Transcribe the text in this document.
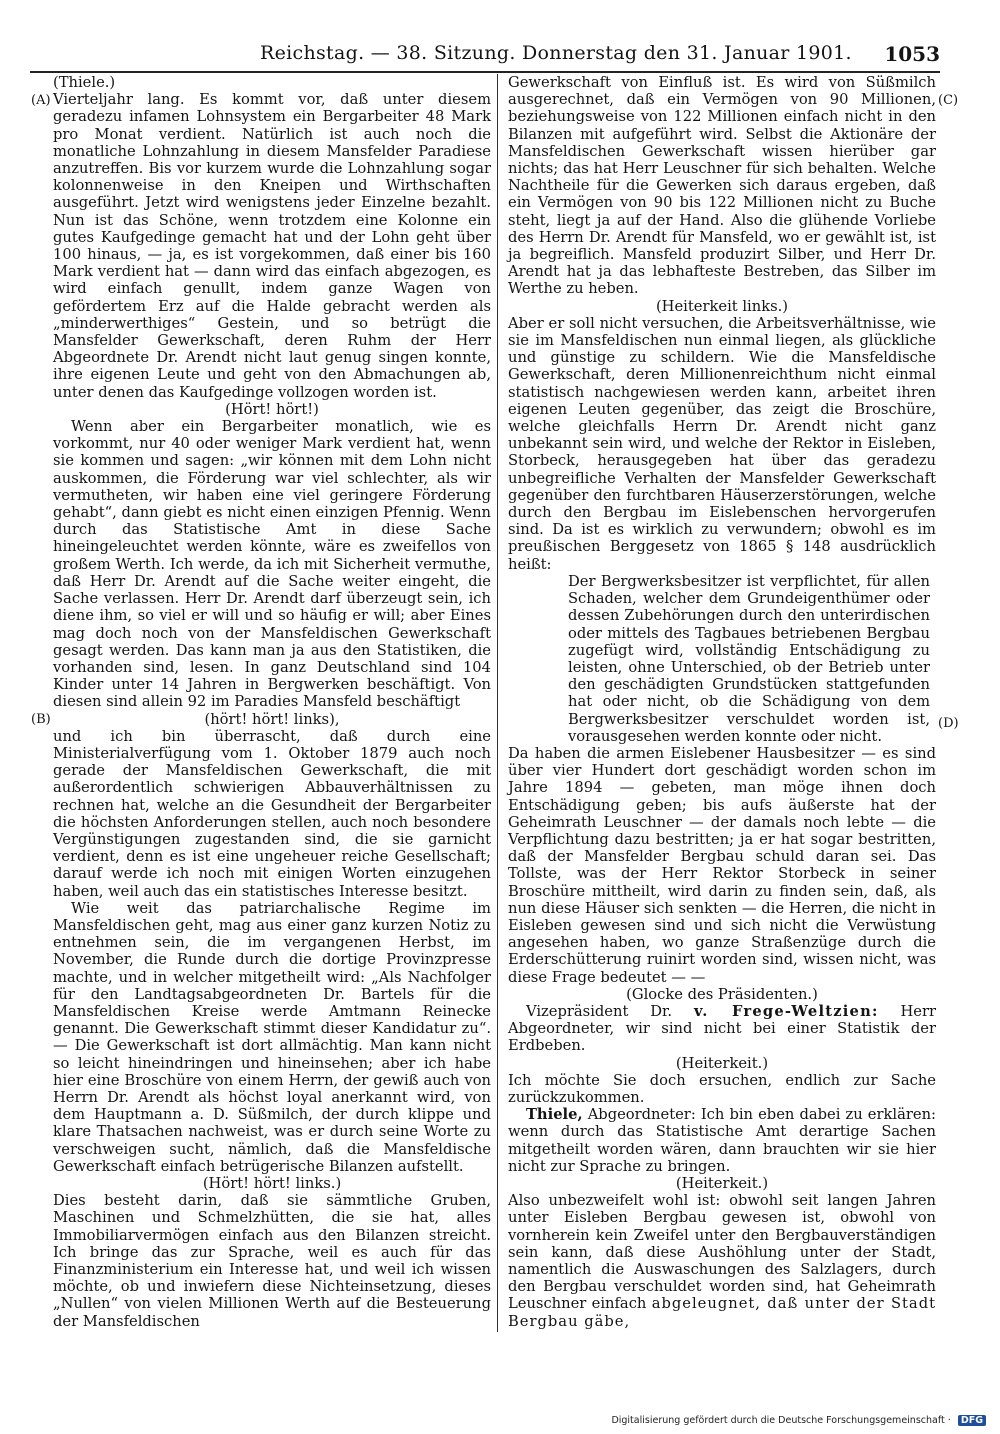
Reichstag. — 38. Sitzung. Donnerstag den 31. Januar 1901. 1053
(A)
(B)
(C)
(D)

(Thiele.)

Vierteljahr lang. Es kommt vor, daß unter diesem geradezu infamen Lohnsystem ein Bergarbeiter 48 Mark pro Monat verdient. Natürlich ist auch noch die monatliche Lohnzahlung in diesem Mansfelder Paradiese anzutreffen. Bis vor kurzem wurde die Lohnzahlung sogar kolonnenweise in den Kneipen und Wirthschaften ausgeführt. Jetzt wird wenigstens jeder Einzelne bezahlt. Nun ist das Schöne, wenn trotzdem eine Kolonne ein gutes Kaufgedinge gemacht hat und der Lohn geht über 100 hinaus, — ja, es ist vorgekommen, daß einer bis 160 Mark verdient hat — dann wird das einfach abgezogen, es wird einfach genullt, indem ganze Wagen von gefördertem Erz auf die Halde gebracht werden als „minderwerthiges“ Gestein, und so betrügt die Mansfelder Gewerkschaft, deren Ruhm der Herr Abgeordnete Dr. Arendt nicht laut genug singen konnte, ihre eigenen Leute und geht von den Abmachungen ab, unter denen das Kaufgedinge vollzogen worden ist.

(Hört! hört!)

Wenn aber ein Bergarbeiter monatlich, wie es vorkommt, nur 40 oder weniger Mark verdient hat, wenn sie kommen und sagen: „wir können mit dem Lohn nicht auskommen, die Förderung war viel schlechter, als wir vermutheten, wir haben eine viel geringere Förderung gehabt“, dann giebt es nicht einen einzigen Pfennig. Wenn durch das Statistische Amt in diese Sache hineingeleuchtet werden könnte, wäre es zweifellos von großem Werth. Ich werde, da ich mit Sicherheit vermuthe, daß Herr Dr. Arendt auf die Sache weiter eingeht, die Sache verlassen. Herr Dr. Arendt darf überzeugt sein, ich diene ihm, so viel er will und so häufig er will; aber Eines mag doch noch von der Mansfeldischen Gewerkschaft gesagt werden. Das kann man ja aus den Statistiken, die vorhanden sind, lesen. In ganz Deutschland sind 104 Kinder unter 14 Jahren in Bergwerken beschäftigt. Von diesen sind allein 92 im Paradies Mansfeld beschäftigt

(hört! hört! links),

und ich bin überrascht, daß durch eine Ministerialverfügung vom 1. Oktober 1879 auch noch gerade der Mansfeldischen Gewerkschaft, die mit außerordentlich schwierigen Abbauverhältnissen zu rechnen hat, welche an die Gesundheit der Bergarbeiter die höchsten Anforderungen stellen, auch noch besondere Vergünstigungen zugestanden sind, die sie garnicht verdient, denn es ist eine ungeheuer reiche Gesellschaft; darauf werde ich noch mit einigen Worten einzugehen haben, weil auch das ein statistisches Interesse besitzt.

Wie weit das patriarchalische Regime im Mansfeldischen geht, mag aus einer ganz kurzen Notiz zu entnehmen sein, die im vergangenen Herbst, im November, die Runde durch die dortige Provinzpresse machte, und in welcher mitgetheilt wird: „Als Nachfolger für den Landtagsabgeordneten Dr. Bartels für die Mansfeldischen Kreise werde Amtmann Reinecke genannt. Die Gewerkschaft stimmt dieser Kandidatur zu“. — Die Gewerkschaft ist dort allmächtig. Man kann nicht so leicht hineindringen und hineinsehen; aber ich habe hier eine Broschüre von einem Herrn, der gewiß auch von Herrn Dr. Arendt als höchst loyal anerkannt wird, von dem Hauptmann a. D. Süßmilch, der durch klippe und klare Thatsachen nachweist, was er durch seine Worte zu verschweigen sucht, nämlich, daß die Mansfeldische Gewerkschaft einfach betrügerische Bilanzen aufstellt.

(Hört! hört! links.)

Dies besteht darin, daß sie sämmtliche Gruben, Maschinen und Schmelzhütten, die sie hat, alles Immobiliarvermögen einfach aus den Bilanzen streicht. Ich bringe das zur Sprache, weil es auch für das Finanzministerium ein Interesse hat, und weil ich wissen möchte, ob und inwiefern diese Nichteinsetzung, dieses „Nullen“ von vielen Millionen Werth auf die Besteuerung der Mansfeldischen

Gewerkschaft von Einfluß ist. Es wird von Süßmilch ausgerechnet, daß ein Vermögen von 90 Millionen, beziehungsweise von 122 Millionen einfach nicht in den Bilanzen mit aufgeführt wird. Selbst die Aktionäre der Mansfeldischen Gewerkschaft wissen hierüber gar nichts; das hat Herr Leuschner für sich behalten. Welche Nachtheile für die Gewerken sich daraus ergeben, daß ein Vermögen von 90 bis 122 Millionen nicht zu Buche steht, liegt ja auf der Hand. Also die glühende Vorliebe des Herrn Dr. Arendt für Mansfeld, wo er gewählt ist, ist ja begreiflich. Mansfeld produzirt Silber, und Herr Dr. Arendt hat ja das lebhafteste Bestreben, das Silber im Werthe zu heben.

(Heiterkeit links.)

Aber er soll nicht versuchen, die Arbeitsverhältnisse, wie sie im Mansfeldischen nun einmal liegen, als glückliche und günstige zu schildern. Wie die Mansfeldische Gewerkschaft, deren Millionenreichthum nicht einmal statistisch nachgewiesen werden kann, arbeitet ihren eigenen Leuten gegenüber, das zeigt die Broschüre, welche gleichfalls Herrn Dr. Arendt nicht ganz unbekannt sein wird, und welche der Rektor in Eisleben, Storbeck, herausgegeben hat über das geradezu unbegreifliche Verhalten der Mansfelder Gewerkschaft gegenüber den furchtbaren Häuserzerstörungen, welche durch den Bergbau im Eislebenschen hervorgerufen sind. Da ist es wirklich zu verwundern; obwohl es im preußischen Berggesetz von 1865 § 148 ausdrücklich heißt:

Der Bergwerksbesitzer ist verpflichtet, für allen Schaden, welcher dem Grundeigenthümer oder dessen Zubehörungen durch den unterirdischen oder mittels des Tagbaues betriebenen Bergbau zugefügt wird, vollständig Entschädigung zu leisten, ohne Unterschied, ob der Betrieb unter den geschädigten Grundstücken stattgefunden hat oder nicht, ob die Schädigung von dem Bergwerksbesitzer verschuldet worden ist, vorausgesehen werden konnte oder nicht.

Da haben die armen Eislebener Hausbesitzer — es sind über vier Hundert dort geschädigt worden schon im Jahre 1894 — gebeten, man möge ihnen doch Entschädigung geben; bis aufs äußerste hat der Geheimrath Leuschner — der damals noch lebte — die Verpflichtung dazu bestritten; ja er hat sogar bestritten, daß der Mansfelder Bergbau schuld daran sei. Das Tollste, was der Herr Rektor Storbeck in seiner Broschüre mittheilt, wird darin zu finden sein, daß, als nun diese Häuser sich senkten — die Herren, die nicht in Eisleben gewesen sind und sich nicht die Verwüstung angesehen haben, wo ganze Straßenzüge durch die Erderschütterung ruinirt worden sind, wissen nicht, was diese Frage bedeutet — —

(Glocke des Präsidenten.)

Vizepräsident Dr. v. Frege-Weltzien: Herr Abgeordneter, wir sind nicht bei einer Statistik der Erdbeben.

(Heiterkeit.)

Ich möchte Sie doch ersuchen, endlich zur Sache zurückzukommen.

Thiele, Abgeordneter: Ich bin eben dabei zu erklären: wenn durch das Statistische Amt derartige Sachen mitgetheilt worden wären, dann brauchten wir sie hier nicht zur Sprache zu bringen.

(Heiterkeit.)

Also unbezweifelt wohl ist: obwohl seit langen Jahren unter Eisleben Bergbau gewesen ist, obwohl von vornherein kein Zweifel unter den Bergbauverständigen sein kann, daß diese Aushöhlung unter der Stadt, namentlich die Auswaschungen des Salzlagers, durch den Bergbau verschuldet worden sind, hat Geheimrath Leuschner einfach abgeleugnet, daß unter der Stadt Bergbau gäbe,

Digitalisierung gefördert durch die Deutsche Forschungsgemeinschaft · DFG
